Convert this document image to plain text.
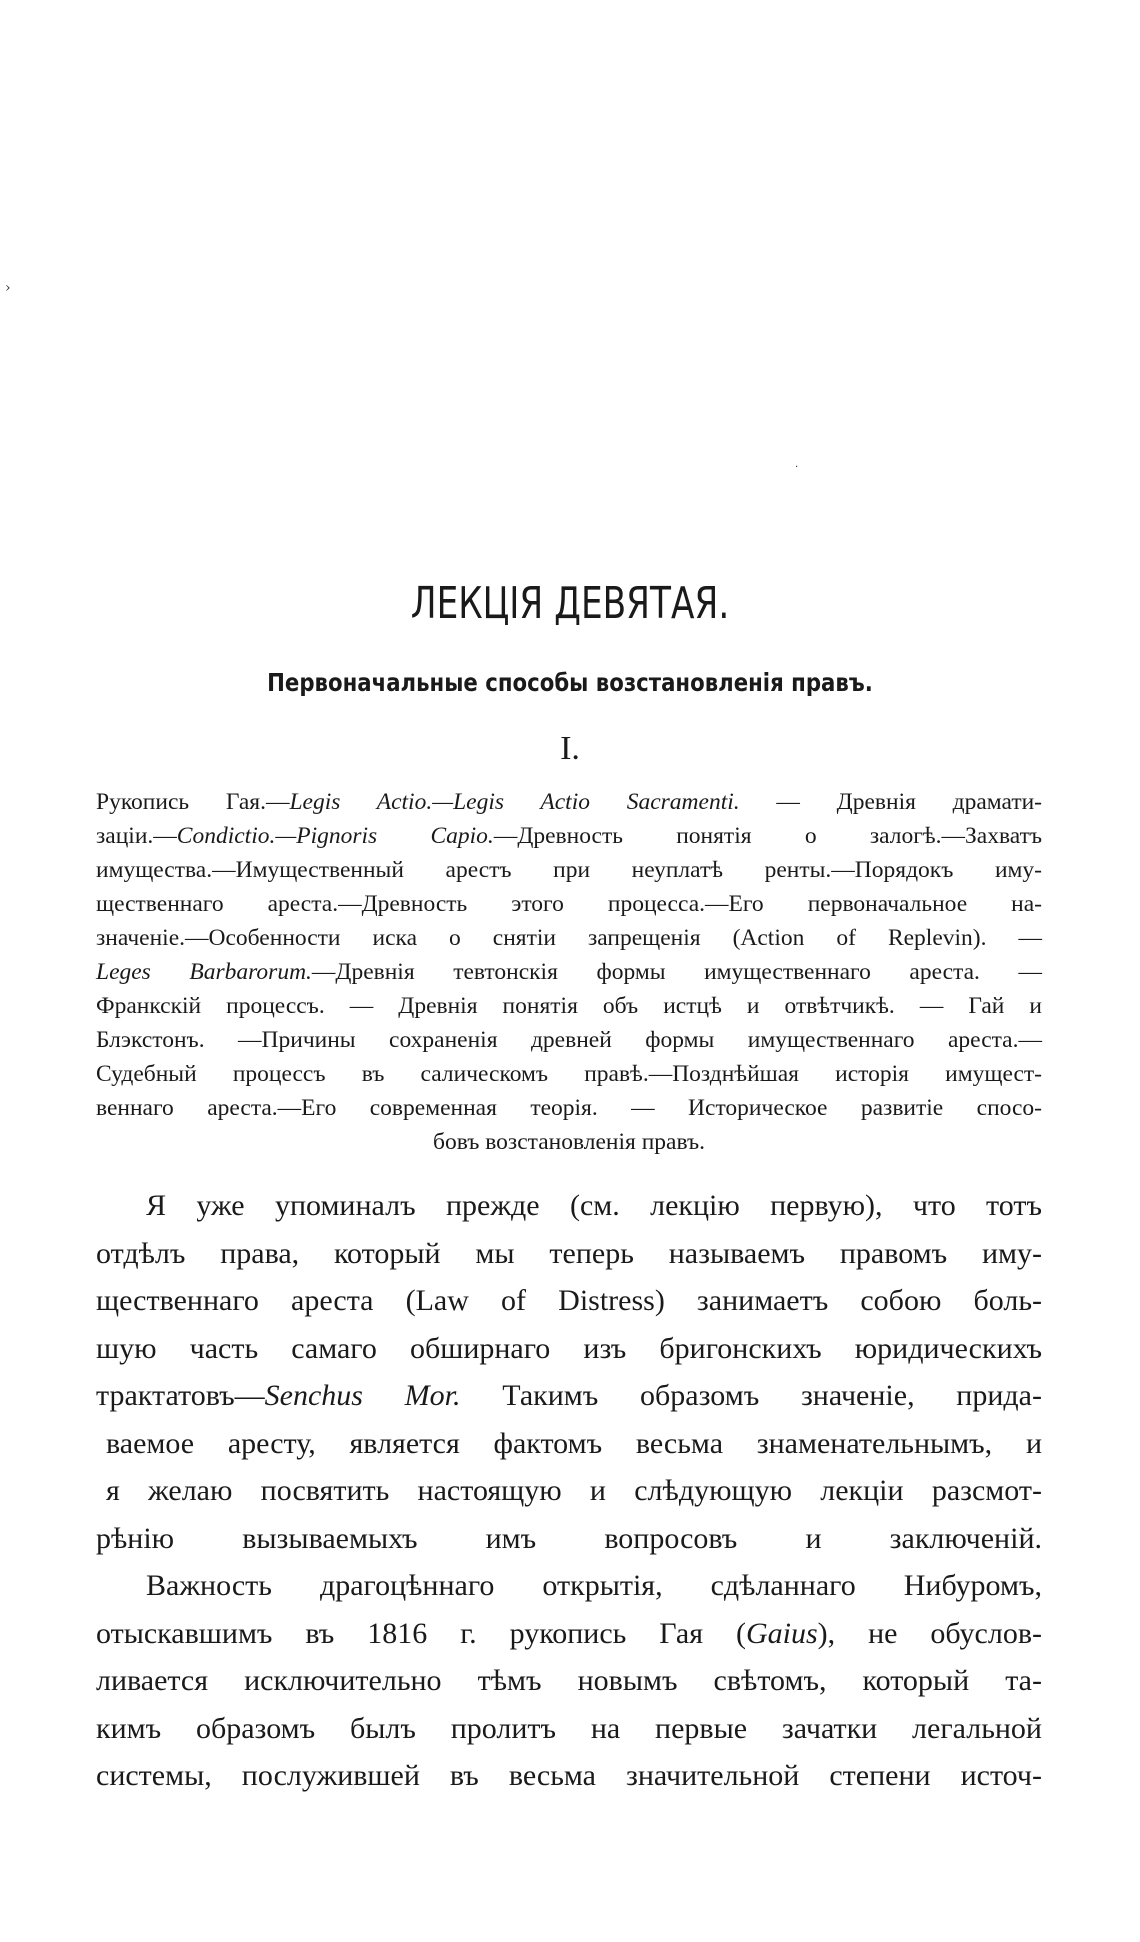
›
·
ЛЕКЦІЯ ДЕВЯТАЯ.
Первоначальные способы возстановленія правъ.
I.
Рукопись Гая.—Legis Actio.—Legis Actio Sacramenti. — Древнія драмати-
заціи.—Condictio.—Pignoris Capio.—Древность понятія о залогѣ.—Захватъ
имущества.—Имущественный арестъ при неуплатѣ ренты.—Порядокъ иму-
щественнаго ареста.—Древность этого процесса.—Его первоначальное на-
значеніе.—Особенности иска о снятіи запрещенія (Action of Replevin). —
Leges Barbarorum.—Древнія тевтонскія формы имущественнаго ареста. —
Франкскій процессъ. — Древнія понятія объ истцѣ и отвѣтчикѣ. — Гай и
Блэкстонъ. —Причины сохраненія древней формы имущественнаго ареста.—
Судебный процессъ въ салическомъ правѣ.—Позднѣйшая исторія имущест-
веннаго ареста.—Его современная теорія. — Историческое развитіе спосо-
бовъ возстановленія правъ.
Я уже упоминалъ прежде (см. лекцію первую), что тотъ
отдѣлъ права, который мы теперь называемъ правомъ иму-
щественнаго ареста (Law of Distress) занимаетъ собою боль-
шую часть самаго обширнаго изъ бригонскихъ юридическихъ
трактатовъ—Senchus Mor. Такимъ образомъ значеніе, прида-
ваемое аресту, является фактомъ весьма знаменательнымъ, и
я желаю посвятить настоящую и слѣдующую лекціи разсмот-
рѣнію вызываемыхъ имъ вопросовъ и заключеній.
Важность драгоцѣннаго открытія, сдѣланнаго Нибуромъ,
отыскавшимъ въ 1816 г. рукопись Гая (Gaius), не обуслов-
ливается исключительно тѣмъ новымъ свѣтомъ, который та-
кимъ образомъ былъ пролитъ на первые зачатки легальной
системы, послужившей въ весьма значительной степени источ-
